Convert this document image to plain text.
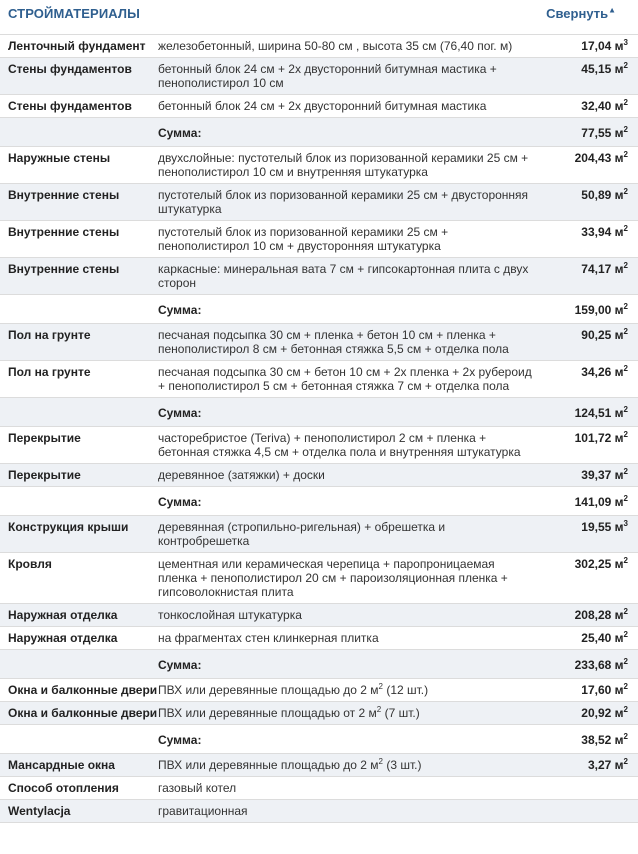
СТРОЙМАТЕРИАЛЫ	Свернуть▲
Ленточный фундамент	железобетонный, ширина 50-80 см , высота 35 см (76,40 пог. м)	17,04 $м^3$
Стены фундаментов	бетонный блок 24 см + 2х двусторонний битумная мастика + пенополистирол 10 см	45,15 $м^2$
Стены фундаментов	бетонный блок 24 см + 2х двусторонний битумная мастика	32,40 $м^2$
	Сумма:	77,55 $м^2$
Наружные стены	двухслойные: пустотелый блок из поризованной керамики 25 см + пенополистирол 10 см и внутренняя штукатурка	204,43 $м^2$
Внутренние стены	пустотелый блок из поризованной керамики 25 см + двусторонняя штукатурка	50,89 $м^2$
Внутренние стены	пустотелый блок из поризованной керамики 25 см + пенополистирол 10 см + двусторонняя штукатурка	33,94 $м^2$
Внутренние стены	каркасные: минеральная вата 7 см + гипсокартонная плита с двух сторон	74,17 $м^2$
	Сумма:	159,00 $м^2$
Пол на грунте	песчаная подсыпка 30 см + пленка + бетон 10 см + пленка + пенополистирол 8 см + бетонная стяжка 5,5 см + отделка пола	90,25 $м^2$
Пол на грунте	песчаная подсыпка 30 см + бетон 10 см + 2х пленка + 2х рубероид + пенополистирол 5 см + бетонная стяжка 7 см + отделка пола	34,26 $м^2$
	Сумма:	124,51 $м^2$
Перекрытие	часторебристое (Teriva) + пенополистирол 2 см + пленка + бетонная стяжка 4,5 см + отделка пола и внутренняя штукатурка	101,72 $м^2$
Перекрытие	деревянное (затяжки) + доски	39,37 $м^2$
	Сумма:	141,09 $м^2$
Конструкция крыши	деревянная (стропильно-ригельная) + обрешетка и контробрешетка	19,55 $м^3$
Кровля	цементная или керамическая черепица + паропроницаемая пленка + пенополистирол 20 см + пароизоляционная пленка + гипсоволокнистая плита	302,25 $м^2$
Наружная отделка	тонкослойная штукатурка	208,28 $м^2$
Наружная отделка	на фрагментах стен клинкерная плитка	25,40 $м^2$
	Сумма:	233,68 $м^2$
Окна и балконные двери	ПВХ или деревянные площадью до 2 $м^2$ (12 шт.)	17,60 $м^2$
Окна и балконные двери	ПВХ или деревянные площадью от 2 $м^2$ (7 шт.)	20,92 $м^2$
	Сумма:	38,52 $м^2$
Мансардные окна	ПВХ или деревянные площадью до 2 $м^2$ (3 шт.)	3,27 $м^2$
Способ отопления	газовый котел	
Wentylacja	гравитационная	
